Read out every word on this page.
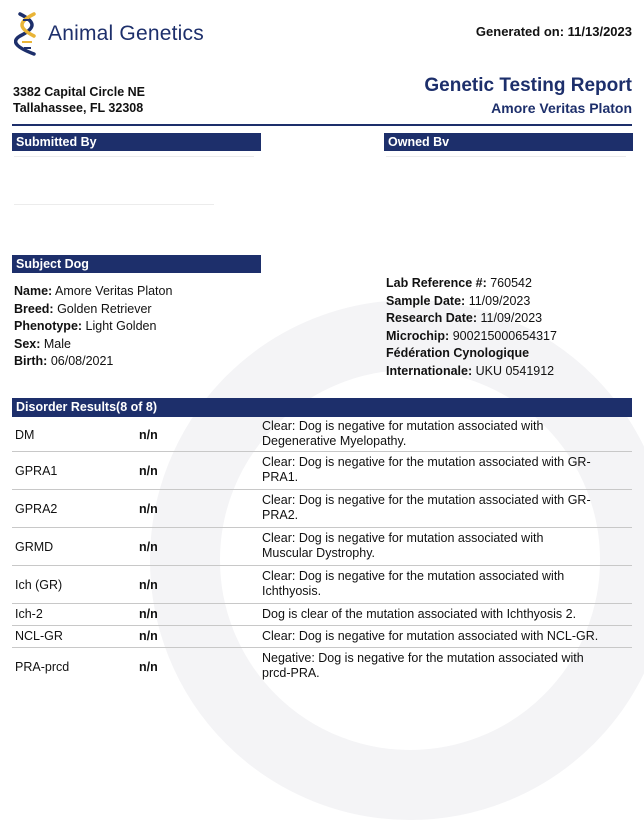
Animal Genetics	Generated on: 11/13/2023
3382 Capital Circle NE
Tallahassee, FL 32308
Genetic Testing Report
Amore Veritas Platon
Submitted By	Owned Bv
Subject Dog
Name: Amore Veritas Platon
Breed: Golden Retriever
Phenotype: Light Golden
Sex: Male
Birth: 06/08/2021
Lab Reference #: 760542
Sample Date: 11/09/2023
Research Date: 11/09/2023
Microchip: 900215000654317
Fédération Cynologique
Internationale: UKU 0541912
Disorder Results(8 of 8)
DM	n/n
Clear: Dog is negative for mutation associated with
Degenerative Myelopathy.
GPRA1	n/n
Clear: Dog is negative for the mutation associated with GR-
PRA1.
GPRA2	n/n
Clear: Dog is negative for the mutation associated with GR-
PRA2.
GRMD	n/n
Clear: Dog is negative for mutation associated with
Muscular Dystrophy.
Ich (GR)	n/n
Clear: Dog is negative for the mutation associated with
Ichthyosis.
Ich-2	n/n	Dog is clear of the mutation associated with Ichthyosis 2.
NCL-GR	n/n	Clear: Dog is negative for mutation associated with NCL-GR.
PRA-prcd	n/n
Negative: Dog is negative for the mutation associated with
prcd-PRA.
